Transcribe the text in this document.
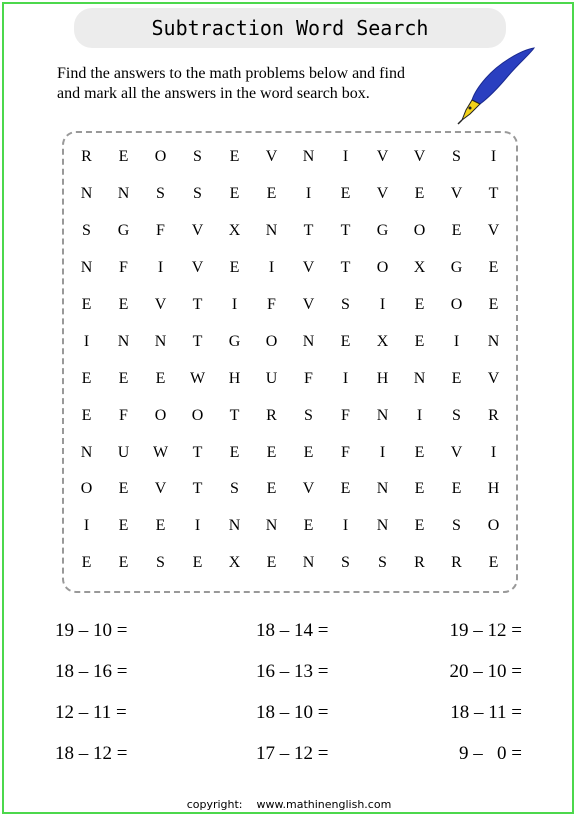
Subtraction Word Search
Find the answers to the math problems below and find
and mark all the answers in the word search box.
R	E	O	S	E	V	N	I	V	V	S	I
N	N	S	S	E	E	I	E	V	E	V	T
S	G	F	V	X	N	T	T	G	O	E	V
N	F	I	V	E	I	V	T	O	X	G	E
E	E	V	T	I	F	V	S	I	E	O	E
I	N	N	T	G	O	N	E	X	E	I	N
E	E	E	W	H	U	F	I	H	N	E	V
E	F	O	O	T	R	S	F	N	I	S	R
N	U	W	T	E	E	E	F	I	E	V	I
O	E	V	T	S	E	V	E	N	E	E	H
I	E	E	I	N	N	E	I	N	E	S	O
E	E	S	E	X	E	N	S	S	R	R	E
19 – 10 =	18 – 14 =	19 – 12 =
18 – 16 =	16 – 13 =	20 – 10 =
12 – 11 =	18 – 10 =	18 – 11 =
18 – 12 =	17 – 12 =	9 –   0 =
copyright: www.mathinenglish.com
